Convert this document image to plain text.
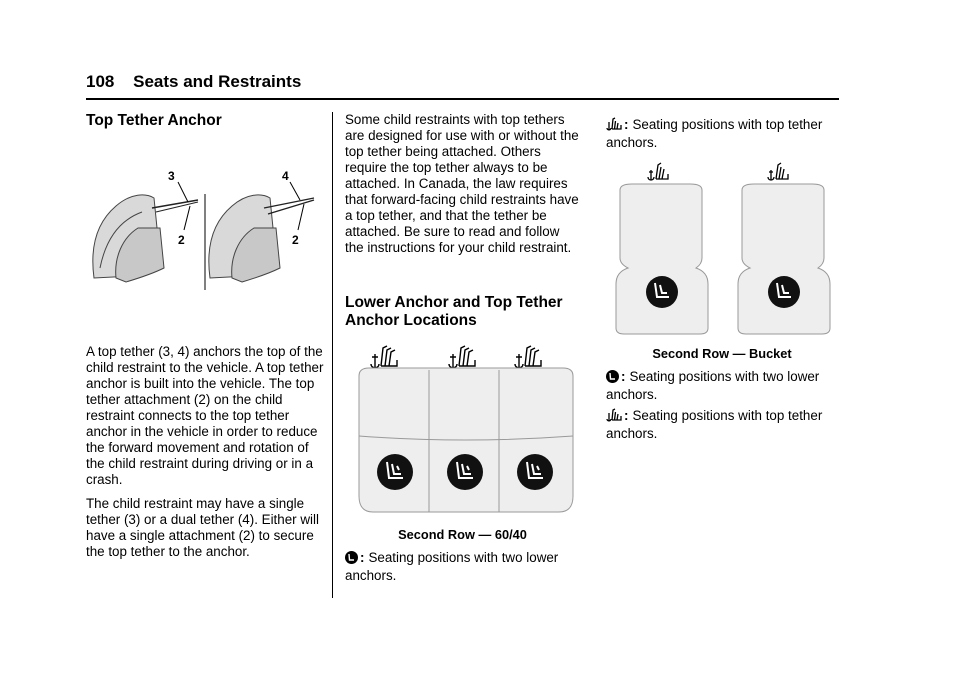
108 Seats and Restraints
Top Tether Anchor
3
2
4
2

A top tether (3, 4) anchors the top of the child restraint to the vehicle. A top tether anchor is built into the vehicle. The top tether attachment (2) on the child restraint connects to the top tether anchor in the vehicle in order to reduce the forward movement and rotation of the child restraint during driving or in a crash.

The child restraint may have a single tether (3) or a dual tether (4). Either will have a single attachment (2) to secure the top tether to the anchor.

Some child restraints with top tethers are designed for use with or without the top tether being attached. Others require the top tether always to be attached. In Canada, the law requires that forward-facing child restraints have a top tether, and that the tether be attached. Be sure to read and follow the instructions for your child restraint.

Lower Anchor and Top Tether Anchor Locations
Second Row — 60/40
: Seating positions with two lower anchors.
: Seating positions with top tether anchors.
Second Row — Bucket
: Seating positions with two lower anchors.
: Seating positions with top tether anchors.
